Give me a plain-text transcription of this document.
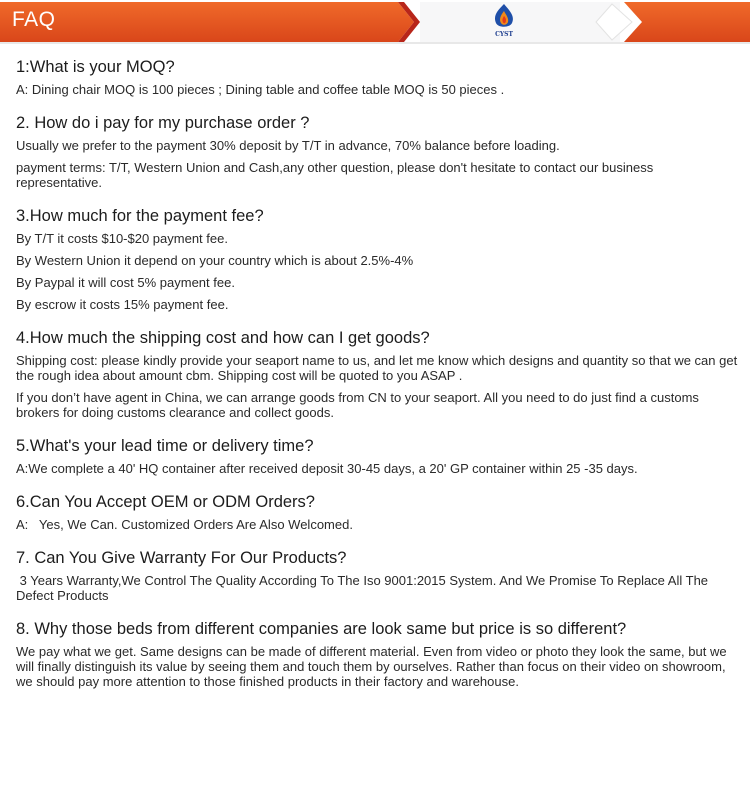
FAQ
CYST
1:What is your MOQ?
A: Dining chair MOQ is 100 pieces ; Dining table and coffee table MOQ is 50 pieces .
2. How do i pay for my purchase order ?
Usually we prefer to the payment 30% deposit by T/T in advance, 70% balance before loading.
payment terms: T/T, Western Union and Cash,any other question, please don't hesitate to contact our business representative.
3.How much for the payment fee?
By T/T it costs $10-$20 payment fee.
By Western Union it depend on your country which is about 2.5%-4%
By Paypal it will cost 5% payment fee.
By escrow it costs 15% payment fee.
4.How much the shipping cost and how can I get goods?
Shipping cost: please kindly provide your seaport name to us, and let me know which designs and quantity so that we can get the rough idea about amount cbm. Shipping cost will be quoted to you ASAP .
If you don’t have agent in China, we can arrange goods from CN to your seaport. All you need to do just find a customs brokers for doing customs clearance and collect goods.
5.What's your lead time or delivery time?
A:We complete a 40' HQ container after received deposit 30-45 days, a 20' GP container within 25 -35 days.
6.Can You Accept OEM or ODM Orders?
A:   Yes, We Can. Customized Orders Are Also Welcomed.
7. Can You Give Warranty For Our Products?
3 Years Warranty,We Control The Quality According To The Iso 9001:2015 System. And We Promise To Replace All The Defect Products
8. Why those beds from different companies are look same but price is so different?
We pay what we get. Same designs can be made of different material. Even from video or photo they look the same, but we will finally distinguish its value by seeing them and touch them by ourselves. Rather than focus on their video on showroom, we should pay more attention to those finished products in their factory and warehouse.
